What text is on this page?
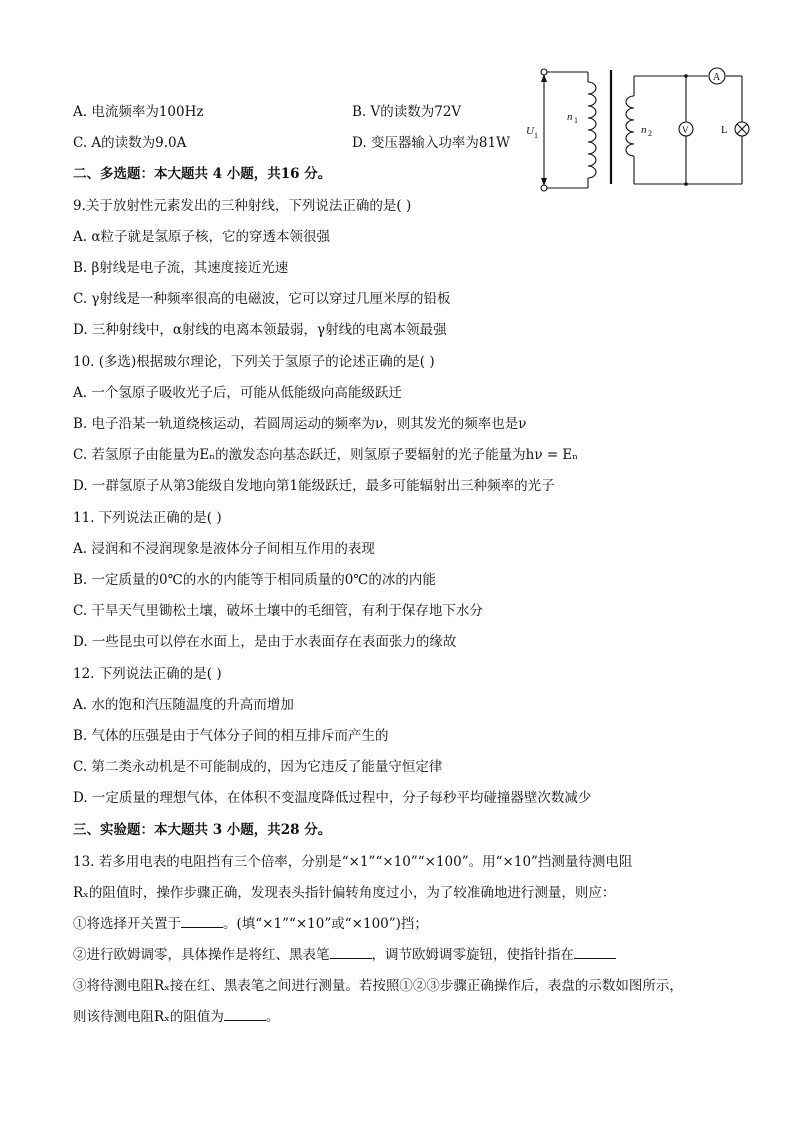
A. 电流频率为100Hz	B. V的读数为72V
C. A的读数为9.0A	D. 变压器输入功率为81W
U 1
n 1
n 2
A
V	L
二、多选题：本大题共 4 小题，共16 分。
9.关于放射性元素发出的三种射线，下列说法正确的是( )
A. α粒子就是氢原子核，它的穿透本领很强
B. β射线是电子流，其速度接近光速
C. γ射线是一种频率很高的电磁波，它可以穿过几厘米厚的铅板
D. 三种射线中，α射线的电离本领最弱，γ射线的电离本领最强
10. (多选)根据玻尔理论，下列关于氢原子的论述正确的是( )
A. 一个氢原子吸收光子后，可能从低能级向高能级跃迁
B. 电子沿某一轨道绕核运动，若圆周运动的频率为ν，则其发光的频率也是ν
C. 若氢原子由能量为Eₙ的激发态向基态跃迁，则氢原子要辐射的光子能量为hν = Eₙ
D. 一群氢原子从第3能级自发地向第1能级跃迁，最多可能辐射出三种频率的光子
11. 下列说法正确的是( )
A. 浸润和不浸润现象是液体分子间相互作用的表现
B. 一定质量的0℃的水的内能等于相同质量的0℃的冰的内能
C. 干旱天气里锄松土壤，破坏土壤中的毛细管，有利于保存地下水分
D. 一些昆虫可以停在水面上，是由于水表面存在表面张力的缘故
12. 下列说法正确的是( )
A. 水的饱和汽压随温度的升高而增加
B. 气体的压强是由于气体分子间的相互排斥而产生的
C. 第二类永动机是不可能制成的，因为它违反了能量守恒定律
D. 一定质量的理想气体，在体积不变温度降低过程中，分子每秒平均碰撞器壁次数减少
三、实验题：本大题共 3 小题，共28 分。
13. 若多用电表的电阻挡有三个倍率，分别是“×1”“×10”“×100”。用“×10”挡测量待测电阻
Rₓ的阻值时，操作步骤正确，发现表头指针偏转角度过小，为了较准确地进行测量，则应：
①将选择开关置于	。(填“×1”“×10”或“×100”)挡；
②进行欧姆调零，具体操作是将红、黑表笔	，调节欧姆调零旋钮，使指针指在
③将待测电阻Rₓ接在红、黑表笔之间进行测量。若按照①②③步骤正确操作后，表盘的示数如图所示，
则该待测电阻Rₓ的阻值为	。
